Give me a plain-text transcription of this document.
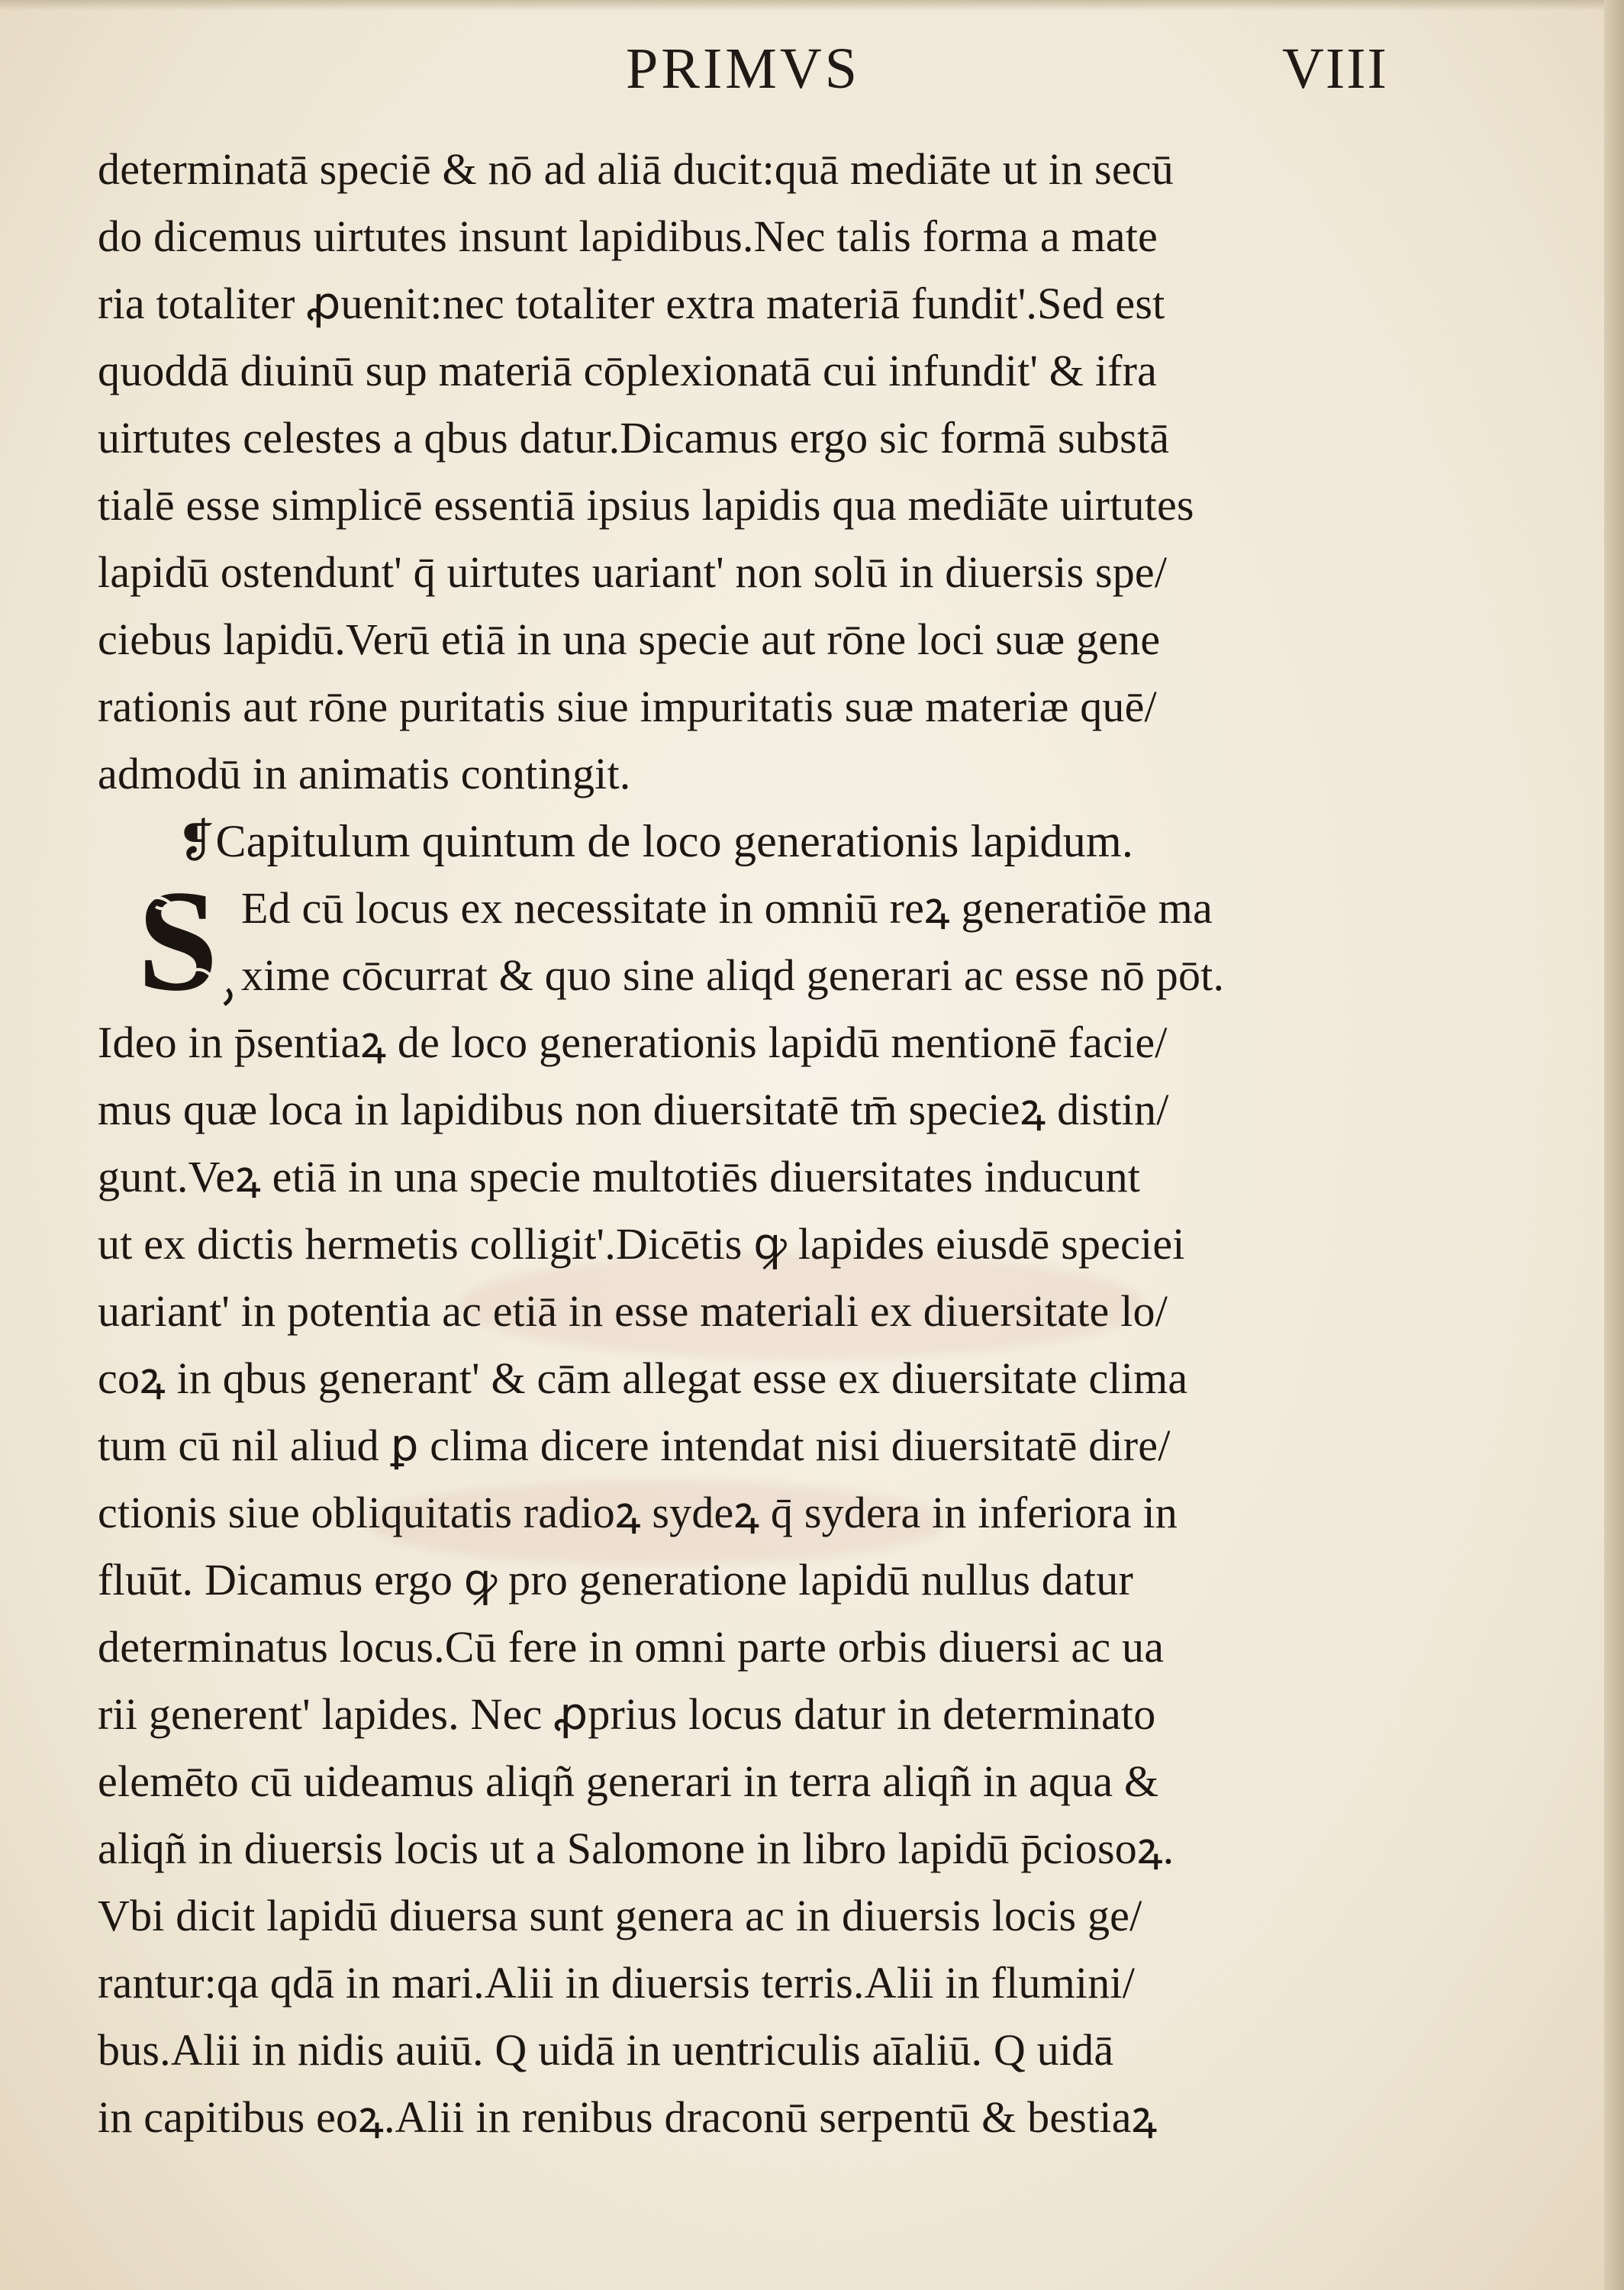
PRIMVS	VIII
determinatā speciē & nō ad aliā ducit:quā mediāte ut in secū
do dicemus uirtutes insunt lapidibus.Nec talis forma a mate
ria totaliter ꝓuenit:nec totaliter extra materiā fundit'.Sed est
quoddā diuinū sup materiā cōplexionatā cui infundit' & ifra
uirtutes celestes a qbus datur.Dicamus ergo sic formā substā
tialē esse simplicē essentiā ipsius lapidis qua mediāte uirtutes
lapidū ostendunt' q̄ uirtutes uariant' non solū in diuersis spe/
ciebus lapidū.Verū etiā in una specie aut rōne loci suæ gene
rationis aut rōne puritatis siue impuritatis suæ materiæ quē/
admodū in animatis contingit.
❡Capitulum quintum de loco generationis lapidum.
S Ed cū locus ex necessitate in omniū reꝝ generatiōe ma
xime cōcurrat & quo sine aliqd generari ac esse nō pōt.
Ideo in p̄sentiaꝝ de loco generationis lapidū mentionē facie/
mus quæ loca in lapidibus non diuersitatē tm̄ specieꝝ distin/
gunt.Veꝝ etiā in una specie multotiēs diuersitates inducunt
ut ex dictis hermetis colligit'.Dicētis ꝙ lapides eiusdē speciei
uariant' in potentia ac etiā in esse materiali ex diuersitate lo/
coꝝ in qbus generant' & cām allegat esse ex diuersitate clima
tum cū nil aliud ꝑ clima dicere intendat nisi diuersitatē dire/
ctionis siue obliquitatis radioꝝ sydeꝝ q̄ sydera in inferiora in
fluūt. Dicamus ergo ꝙ pro generatione lapidū nullus datur
determinatus locus.Cū fere in omni parte orbis diuersi ac ua
rii generent' lapides. Nec ꝓprius locus datur in determinato
elemēto cū uideamus aliqñ generari in terra aliqñ in aqua &
aliqñ in diuersis locis ut a Salomone in libro lapidū p̄ciosoꝝ.
Vbi dicit lapidū diuersa sunt genera ac in diuersis locis ge/
rantur:qa qdā in mari.Alii in diuersis terris.Alii in flumini/
bus.Alii in nidis auiū. Q uidā in uentriculis aīaliū. Q uidā
in capitibus eoꝝ.Alii in renibus draconū serpentū & bestiaꝝ
